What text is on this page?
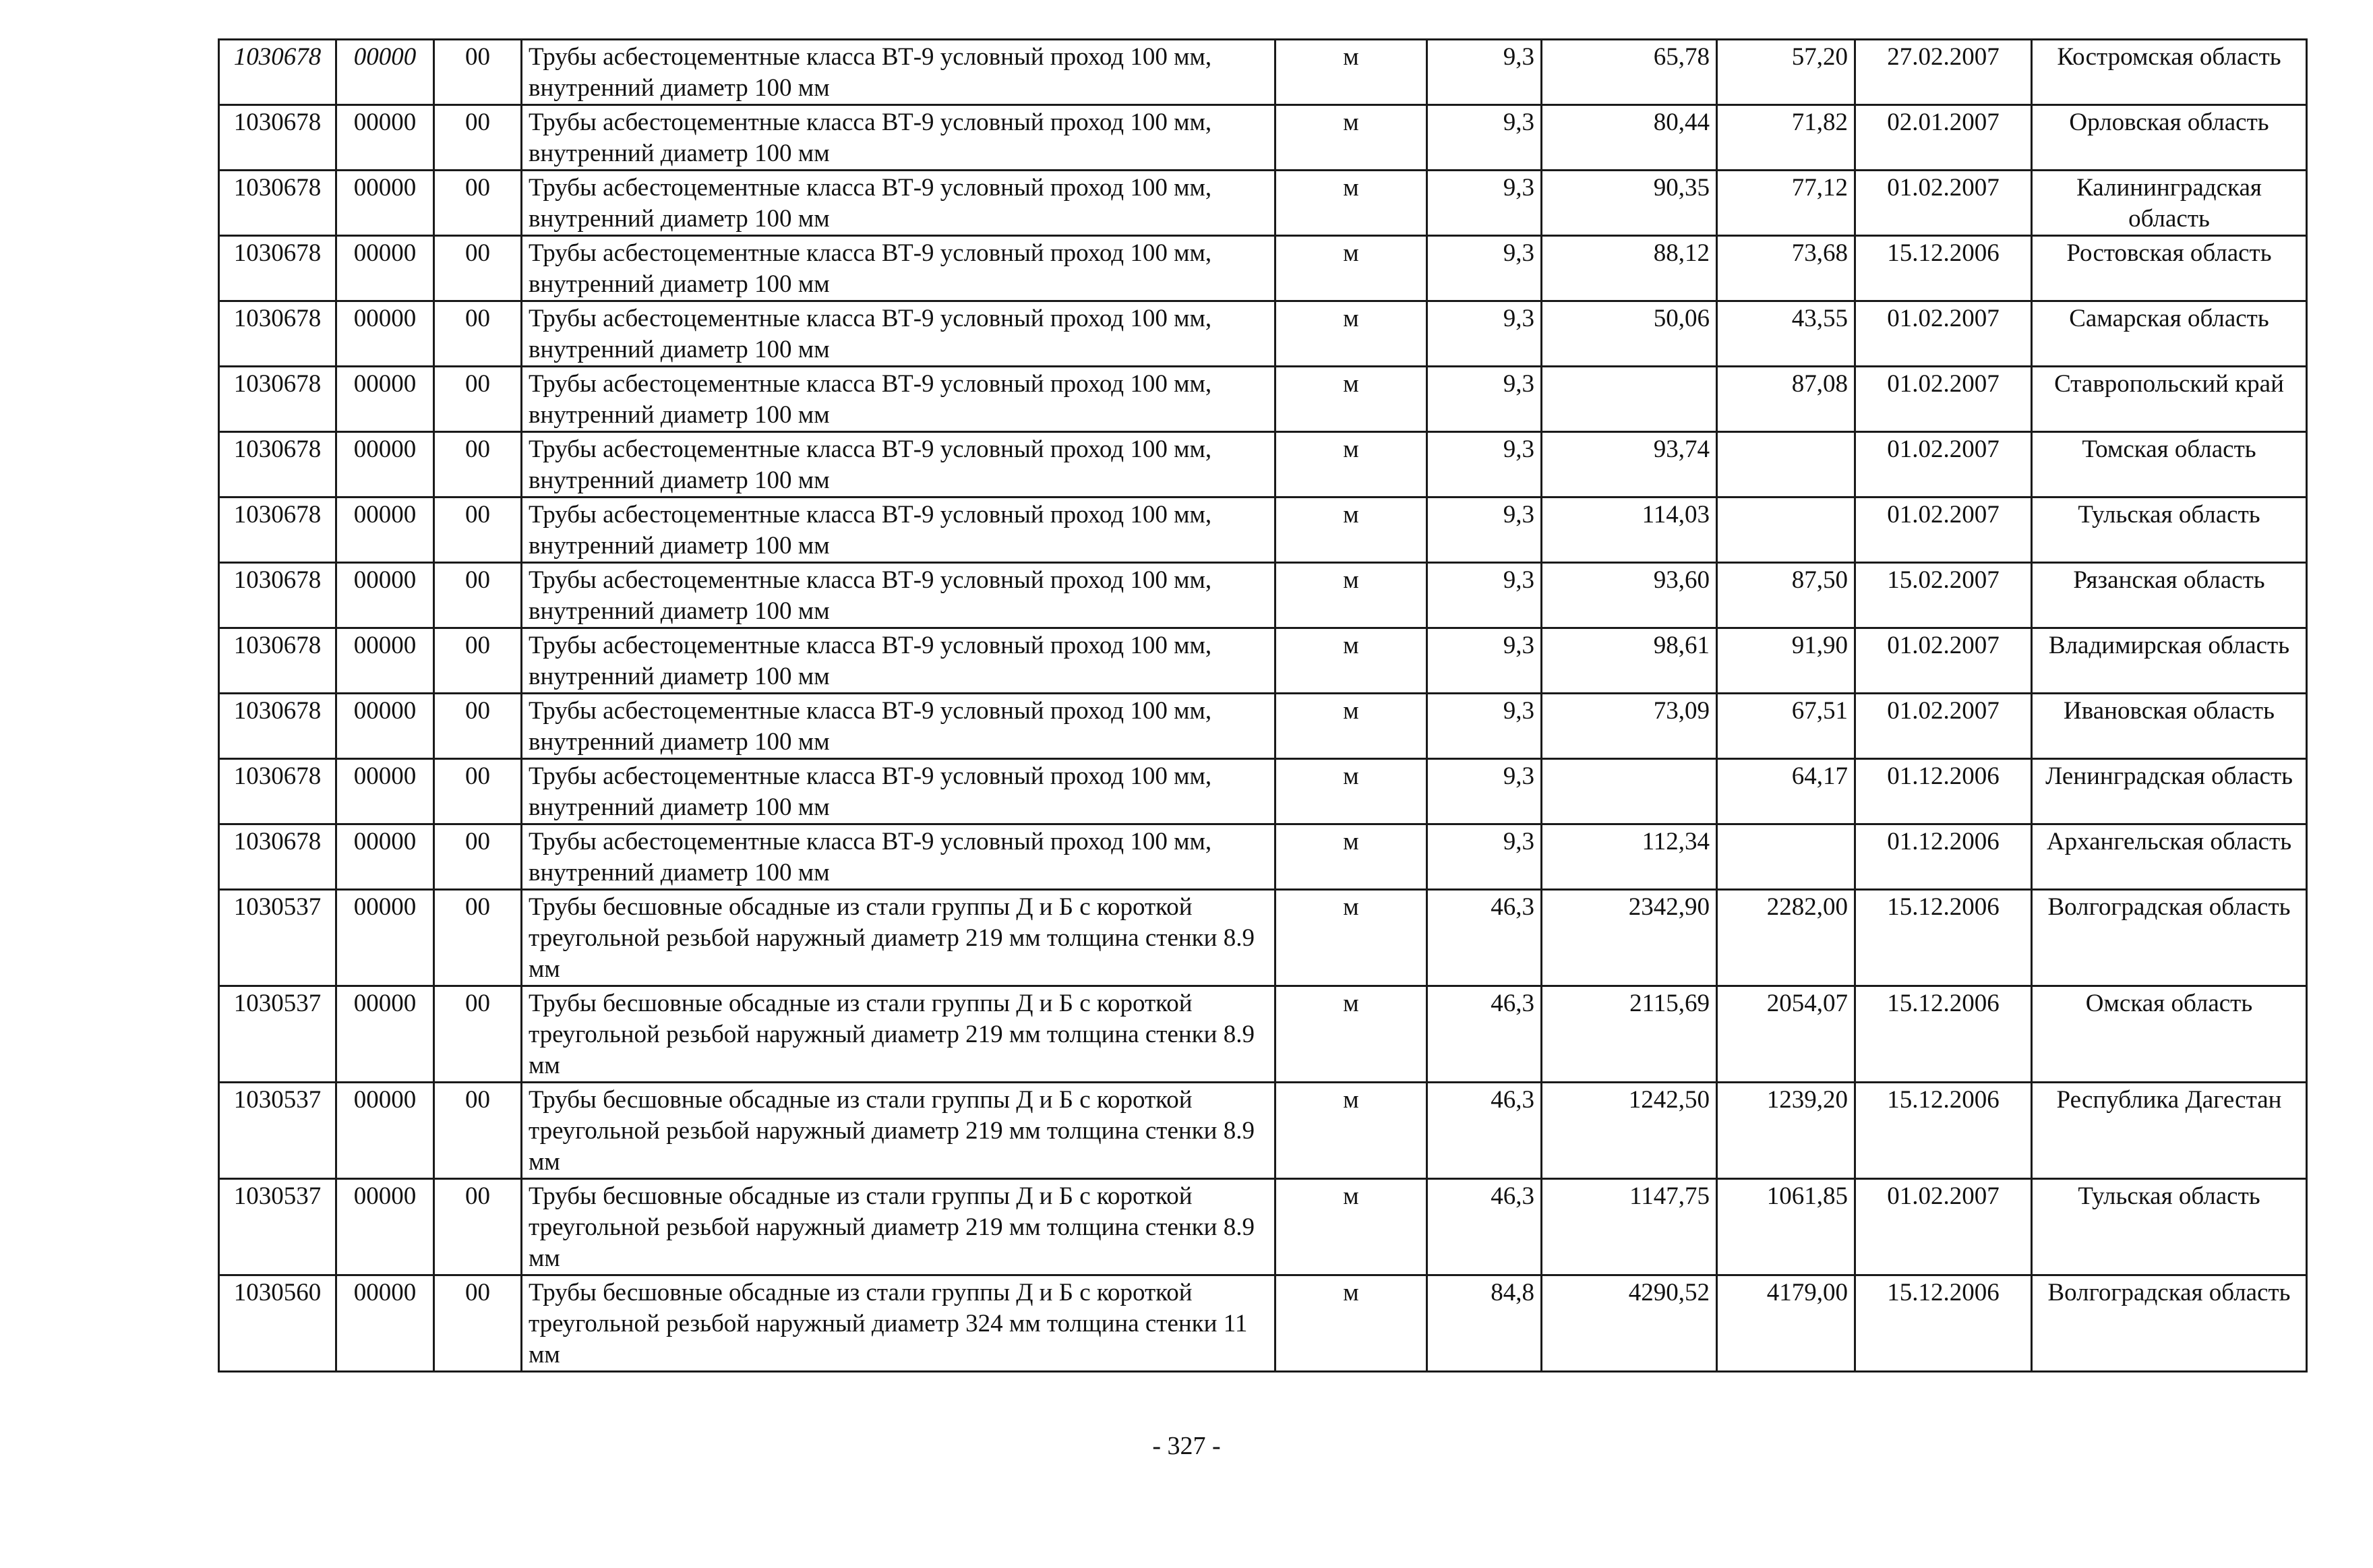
1030678	00000	00	Трубы асбестоцементные класса ВТ-9 условный проход 100 мм, внутренний диаметр 100 мм	м	9,3	65,78	57,20	27.02.2007	Костромская область
1030678	00000	00	Трубы асбестоцементные класса ВТ-9 условный проход 100 мм, внутренний диаметр 100 мм	м	9,3	80,44	71,82	02.01.2007	Орловская область
1030678	00000	00	Трубы асбестоцементные класса ВТ-9 условный проход 100 мм, внутренний диаметр 100 мм	м	9,3	90,35	77,12	01.02.2007	Калининградская область
1030678	00000	00	Трубы асбестоцементные класса ВТ-9 условный проход 100 мм, внутренний диаметр 100 мм	м	9,3	88,12	73,68	15.12.2006	Ростовская область
1030678	00000	00	Трубы асбестоцементные класса ВТ-9 условный проход 100 мм, внутренний диаметр 100 мм	м	9,3	50,06	43,55	01.02.2007	Самарская область
1030678	00000	00	Трубы асбестоцементные класса ВТ-9 условный проход 100 мм, внутренний диаметр 100 мм	м	9,3		87,08	01.02.2007	Ставропольский край
1030678	00000	00	Трубы асбестоцементные класса ВТ-9 условный проход 100 мм, внутренний диаметр 100 мм	м	9,3	93,74		01.02.2007	Томская область
1030678	00000	00	Трубы асбестоцементные класса ВТ-9 условный проход 100 мм, внутренний диаметр 100 мм	м	9,3	114,03		01.02.2007	Тульская область
1030678	00000	00	Трубы асбестоцементные класса ВТ-9 условный проход 100 мм, внутренний диаметр 100 мм	м	9,3	93,60	87,50	15.02.2007	Рязанская область
1030678	00000	00	Трубы асбестоцементные класса ВТ-9 условный проход 100 мм, внутренний диаметр 100 мм	м	9,3	98,61	91,90	01.02.2007	Владимирская область
1030678	00000	00	Трубы асбестоцементные класса ВТ-9 условный проход 100 мм, внутренний диаметр 100 мм	м	9,3	73,09	67,51	01.02.2007	Ивановская область
1030678	00000	00	Трубы асбестоцементные класса ВТ-9 условный проход 100 мм, внутренний диаметр 100 мм	м	9,3		64,17	01.12.2006	Ленинградская область
1030678	00000	00	Трубы асбестоцементные класса ВТ-9 условный проход 100 мм, внутренний диаметр 100 мм	м	9,3	112,34		01.12.2006	Архангельская область
1030537	00000	00	Трубы бесшовные обсадные из стали группы Д и Б с короткой треугольной резьбой наружный диаметр 219 мм толщина стенки 8.9 мм	м	46,3	2342,90	2282,00	15.12.2006	Волгоградская область
1030537	00000	00	Трубы бесшовные обсадные из стали группы Д и Б с короткой треугольной резьбой наружный диаметр 219 мм толщина стенки 8.9 мм	м	46,3	2115,69	2054,07	15.12.2006	Омская область
1030537	00000	00	Трубы бесшовные обсадные из стали группы Д и Б с короткой треугольной резьбой наружный диаметр 219 мм толщина стенки 8.9 мм	м	46,3	1242,50	1239,20	15.12.2006	Республика Дагестан
1030537	00000	00	Трубы бесшовные обсадные из стали группы Д и Б с короткой треугольной резьбой наружный диаметр 219 мм толщина стенки 8.9 мм	м	46,3	1147,75	1061,85	01.02.2007	Тульская область
1030560	00000	00	Трубы бесшовные обсадные из стали группы Д и Б с короткой треугольной резьбой наружный диаметр 324 мм толщина стенки 11 мм	м	84,8	4290,52	4179,00	15.12.2006	Волгоградская область
- 327 -
